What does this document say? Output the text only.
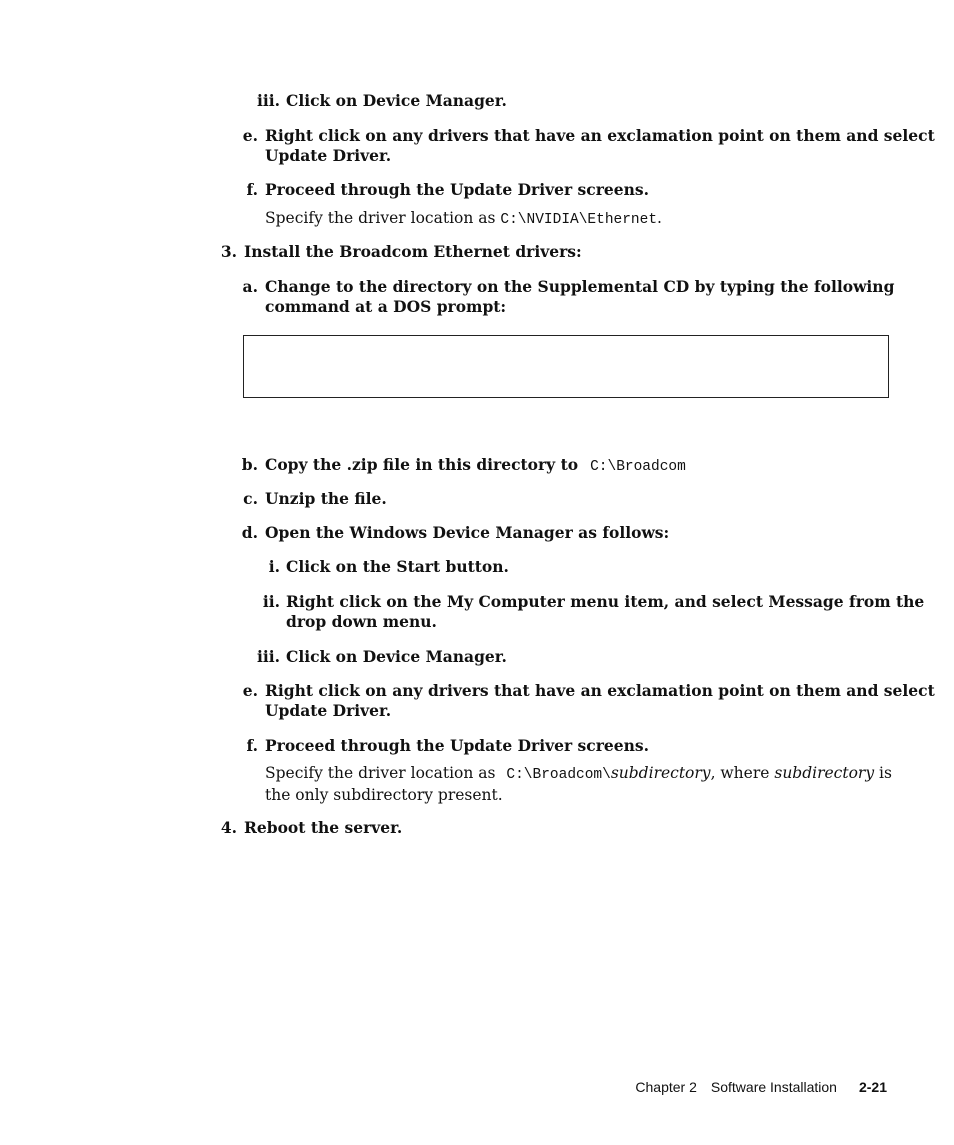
iii. Click on Device Manager.
e. Right click on any drivers that have an exclamation point on them and select
Update Driver.
f. Proceed through the Update Driver screens.
Specify the driver location as C:\NVIDIA\Ethernet.
3. Install the Broadcom Ethernet drivers:
a. Change to the directory on the Supplemental CD by typing the following
command at a DOS prompt:
b. Copy the .zip file in this directory to C:\Broadcom
c. Unzip the file.
d. Open the Windows Device Manager as follows:
i. Click on the Start button.
ii. Right click on the My Computer menu item, and select Message from the
drop down menu.
iii. Click on Device Manager.
e. Right click on any drivers that have an exclamation point on them and select
Update Driver.
f. Proceed through the Update Driver screens.
Specify the driver location as C:\Broadcom\subdirectory, where subdirectory is
the only subdirectory present.
4. Reboot the server.
Chapter 2 Software Installation 2-21
